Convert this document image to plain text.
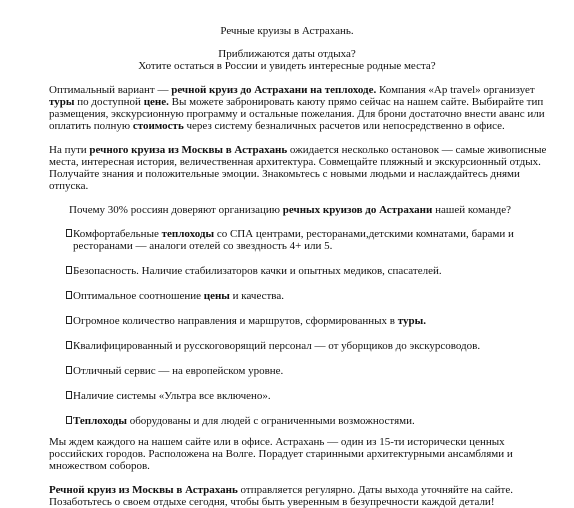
Речные круизы в Астрахань.

Приближаются даты отдыха?

Хотите остаться в России и увидеть интересные родные места?

Оптимальный вариант — речной круиз до Астрахани на теплоходе. Компания «Ар travel» организует туры по доступной цене. Вы можете забронировать каюту прямо сейчас на нашем сайте. Выбирайте тип размещения, экскурсионную программу и остальные пожелания. Для брони достаточно внести аванс или оплатить полную стоимость через систему безналичных расчетов или непосредственно в офисе.

На пути речного круиза из Москвы в Астрахань ожидается несколько остановок — самые живописные места, интересная история, величественная архитектура. Совмещайте пляжный и экскурсионный отдых. Получайте знания и положительные эмоции. Знакомьтесь с новыми людьми и наслаждайтесь днями отпуска.

Почему 30% россиян доверяют организацию речных круизов до Астрахани нашей команде?

Комфортабельные теплоходы со СПА центрами, ресторанами,детскими комнатами, барами и ресторанами — аналоги отелей со звездность 4+ или 5.
Безопасность. Наличие стабилизаторов качки и опытных медиков, спасателей.
Оптимальное соотношение цены и качества.
Огромное количество направления и маршрутов, сформированных в туры.
Квалифицированный и русскоговорящий персонал — от уборщиков до экскурсоводов.
Отличный сервис — на европейском уровне.
Наличие системы «Ультра все включено».
Теплоходы оборудованы и для людей с ограниченными возможностями.

Мы ждем каждого на нашем сайте или в офисе. Астрахань — один из 15-ти исторически ценных российских городов. Расположена на Волге. Порадует старинными архитектурными ансамблями и множеством соборов.

Речной круиз из Москвы в Астрахань отправляется регулярно. Даты выхода уточняйте на сайте. Позаботьтесь о своем отдыхе сегодня, чтобы быть уверенным в безупречности каждой детали!
